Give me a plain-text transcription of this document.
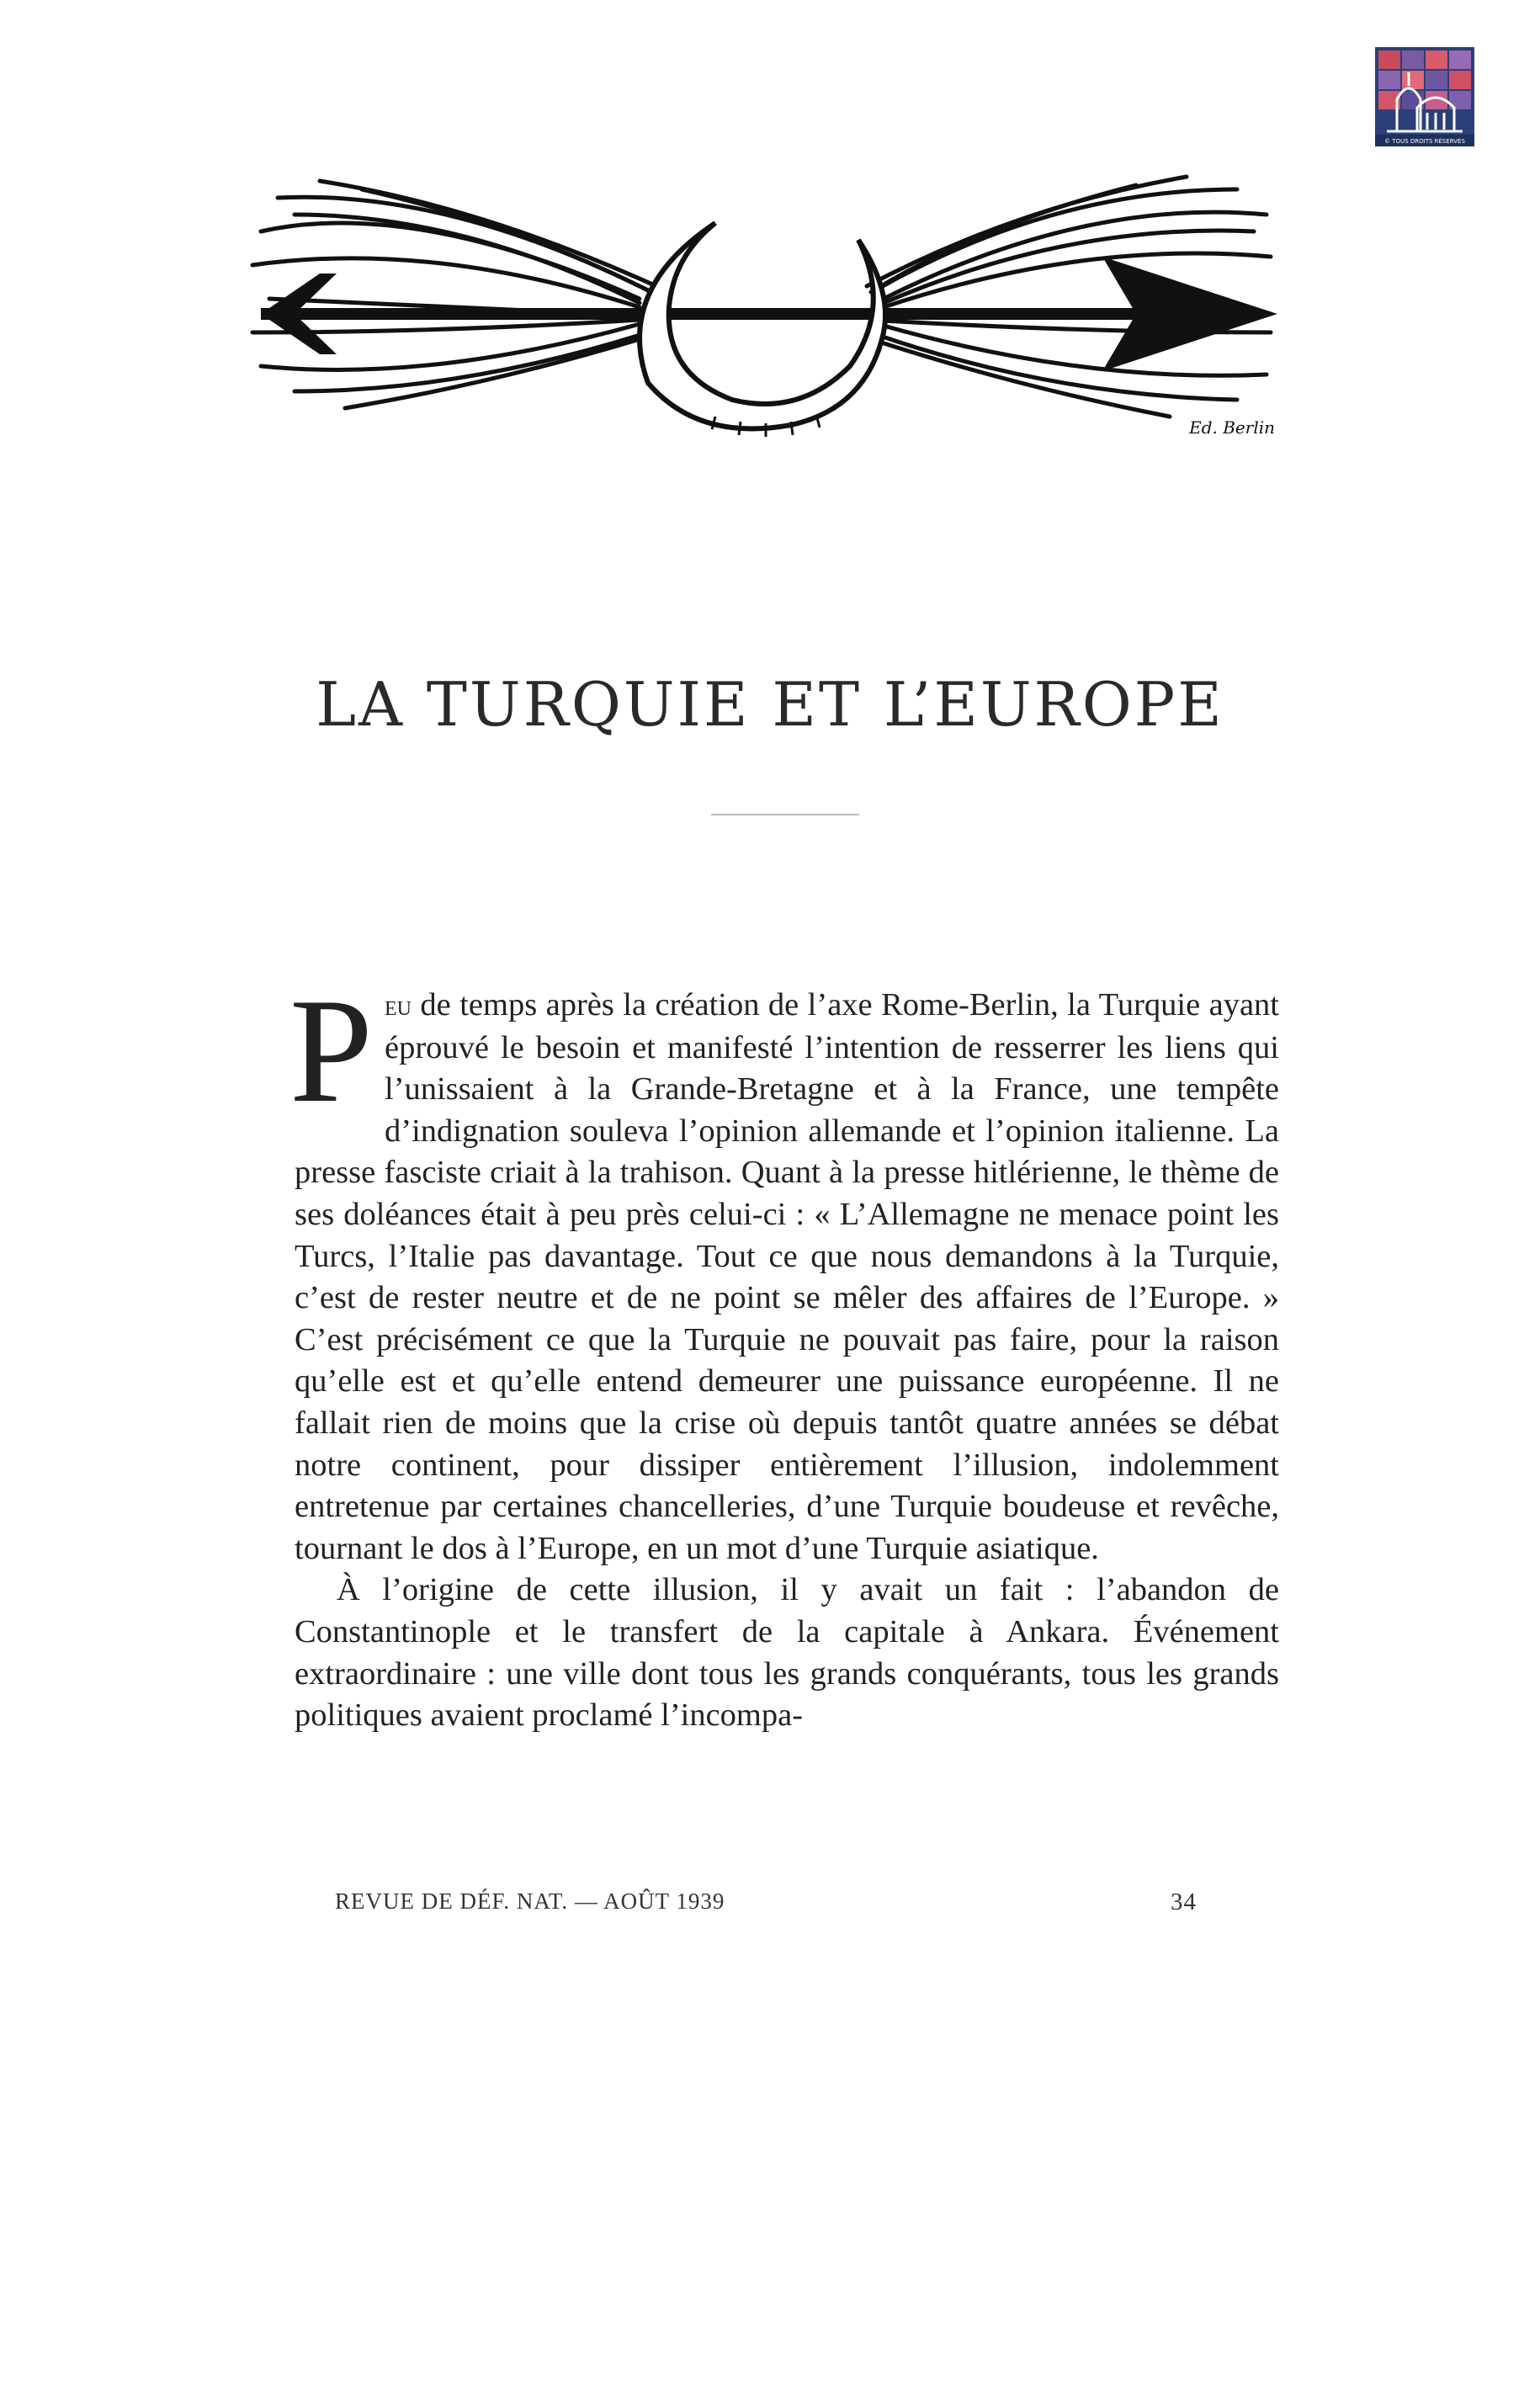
© TOUS DROITS RÉSERVÉS
Ed. Berlin
LA TURQUIE ET L’EUROPE

Peu de temps après la création de l’axe Rome-Berlin, la Turquie ayant éprouvé le besoin et manifesté l’intention de resserrer les liens qui l’unissaient à la Grande-Bretagne et à la France, une tempête d’indignation souleva l’opinion allemande et l’opinion italienne. La presse fasciste criait à la trahison. Quant à la presse hitlérienne, le thème de ses doléances était à peu près celui-ci : « L’Allemagne ne menace point les Turcs, l’Italie pas davantage. Tout ce que nous demandons à la Turquie, c’est de rester neutre et de ne point se mêler des affaires de l’Europe. » C’est précisément ce que la Turquie ne pouvait pas faire, pour la raison qu’elle est et qu’elle entend demeurer une puissance européenne. Il ne fallait rien de moins que la crise où depuis tantôt quatre années se débat notre continent, pour dissiper entièrement l’illusion, indolemment entretenue par certaines chancelleries, d’une Turquie boudeuse et revêche, tournant le dos à l’Europe, en un mot d’une Turquie asiatique.

À l’origine de cette illusion, il y avait un fait : l’abandon de Constantinople et le transfert de la capitale à Ankara. Événement extraordinaire : une ville dont tous les grands conquérants, tous les grands politiques avaient proclamé l’incompa-

REVUE DE DÉF. NAT. — AOÛT 1939	34
